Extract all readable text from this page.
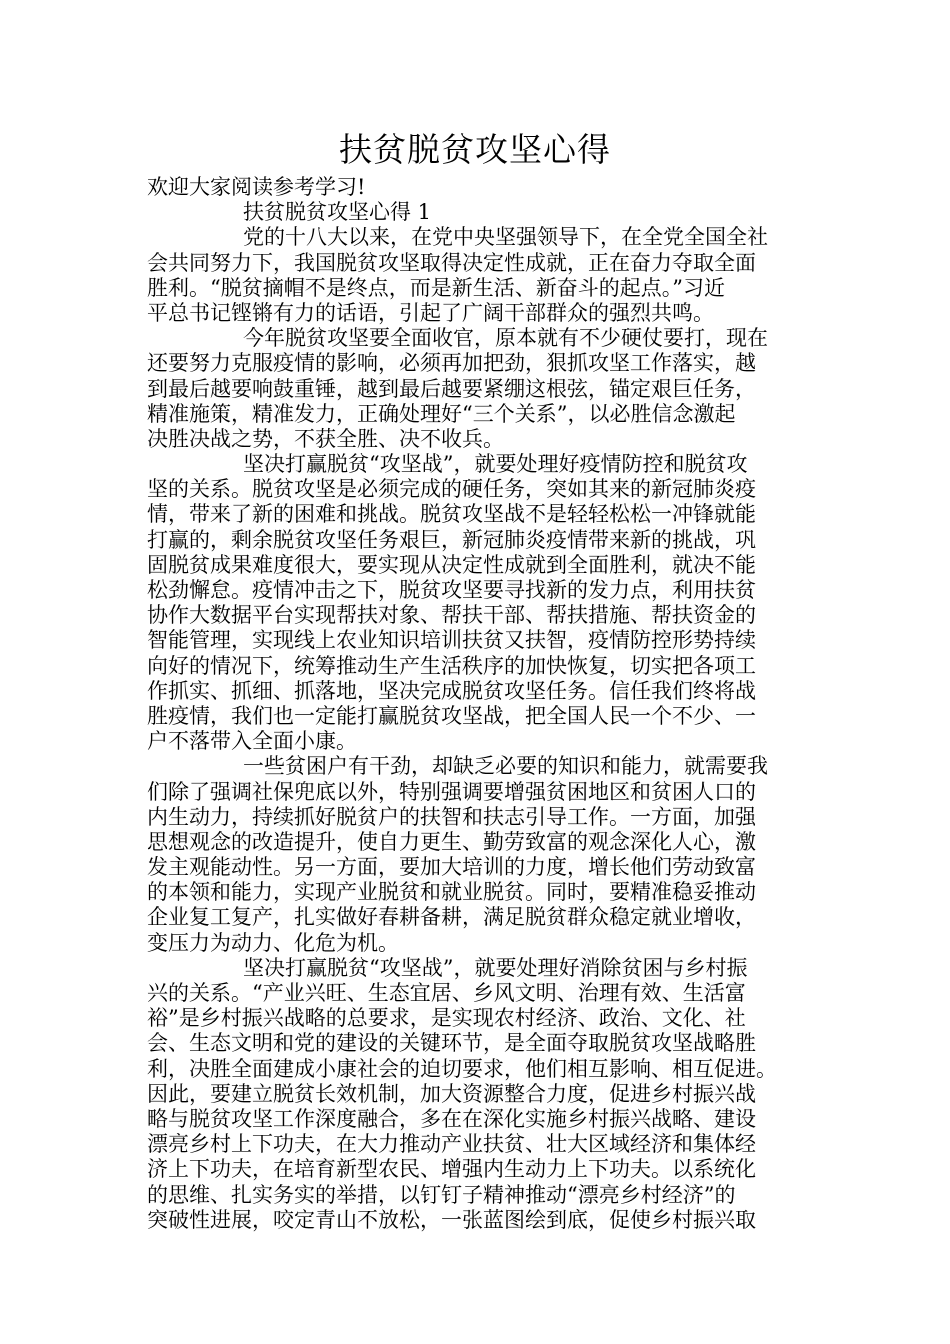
扶贫脱贫攻坚心得
欢迎大家阅读参考学习!
扶贫脱贫攻坚心得 1
党的十八大以来，在党中央坚强领导下，在全党全国全社
会共同努力下，我国脱贫攻坚取得决定性成就，正在奋力夺取全面
胜利。“脱贫摘帽不是终点，而是新生活、新奋斗的起点。”习近
平总书记铿锵有力的话语，引起了广阔干部群众的强烈共鸣。
今年脱贫攻坚要全面收官，原本就有不少硬仗要打，现在
还要努力克服疫情的影响，必须再加把劲，狠抓攻坚工作落实，越
到最后越要响鼓重锤，越到最后越要紧绷这根弦，锚定艰巨任务，
精准施策，精准发力，正确处理好“三个关系”，以必胜信念激起
决胜决战之势，不获全胜、决不收兵。
坚决打赢脱贫“攻坚战”，就要处理好疫情防控和脱贫攻
坚的关系。脱贫攻坚是必须完成的硬任务，突如其来的新冠肺炎疫
情，带来了新的困难和挑战。脱贫攻坚战不是轻轻松松一冲锋就能
打赢的，剩余脱贫攻坚任务艰巨，新冠肺炎疫情带来新的挑战，巩
固脱贫成果难度很大，要实现从决定性成就到全面胜利，就决不能
松劲懈怠。疫情冲击之下，脱贫攻坚要寻找新的发力点，利用扶贫
协作大数据平台实现帮扶对象、帮扶干部、帮扶措施、帮扶资金的
智能管理，实现线上农业知识培训扶贫又扶智，疫情防控形势持续
向好的情况下，统筹推动生产生活秩序的加快恢复，切实把各项工
作抓实、抓细、抓落地，坚决完成脱贫攻坚任务。信任我们终将战
胜疫情，我们也一定能打赢脱贫攻坚战，把全国人民一个不少、一
户不落带入全面小康。
一些贫困户有干劲，却缺乏必要的知识和能力，就需要我
们除了强调社保兜底以外，特别强调要增强贫困地区和贫困人口的
内生动力，持续抓好脱贫户的扶智和扶志引导工作。一方面，加强
思想观念的改造提升，使自力更生、勤劳致富的观念深化人心，激
发主观能动性。另一方面，要加大培训的力度，增长他们劳动致富
的本领和能力，实现产业脱贫和就业脱贫。同时，要精准稳妥推动
企业复工复产，扎实做好春耕备耕，满足脱贫群众稳定就业增收，
变压力为动力、化危为机。
坚决打赢脱贫“攻坚战”，就要处理好消除贫困与乡村振
兴的关系。“产业兴旺、生态宜居、乡风文明、治理有效、生活富
裕”是乡村振兴战略的总要求，是实现农村经济、政治、文化、社
会、生态文明和党的建设的关键环节，是全面夺取脱贫攻坚战略胜
利，决胜全面建成小康社会的迫切要求，他们相互影响、相互促进。
因此，要建立脱贫长效机制，加大资源整合力度，促进乡村振兴战
略与脱贫攻坚工作深度融合，多在在深化实施乡村振兴战略、建设
漂亮乡村上下功夫，在大力推动产业扶贫、壮大区域经济和集体经
济上下功夫，在培育新型农民、增强内生动力上下功夫。以系统化
的思维、扎实务实的举措，以钉钉子精神推动“漂亮乡村经济”的
突破性进展，咬定青山不放松，一张蓝图绘到底，促使乡村振兴取
